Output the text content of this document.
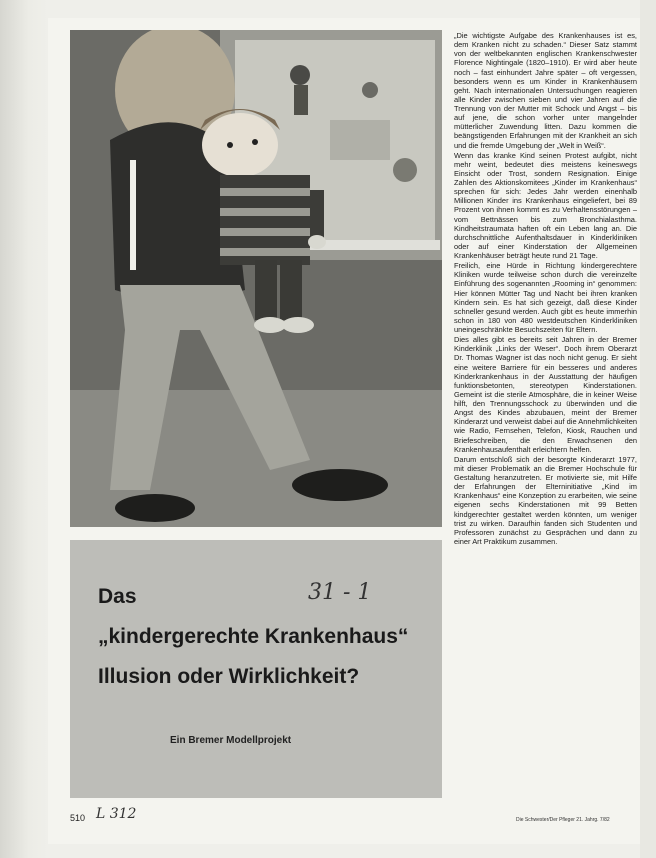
Das	31 - 1
„kindergerechte Krankenhaus“
Illusion oder Wirklichkeit?
Ein Bremer Modellprojekt

„Die wichtigste Aufgabe des Krankenhauses ist es, dem Kranken nicht zu schaden.“ Dieser Satz stammt von der weltbekannten englischen Krankenschwester Florence Nightingale (1820–1910). Er wird aber heute noch – fast einhundert Jahre später – oft vergessen, besonders wenn es um Kinder in Krankenhäusern geht. Nach internationalen Untersuchungen reagieren alle Kinder zwischen sieben und vier Jahren auf die Trennung von der Mutter mit Schock und Angst – bis auf jene, die schon vorher unter mangelnder mütterlicher Zuwendung litten. Dazu kommen die beängstigenden Erfahrungen mit der Krankheit an sich und die fremde Umgebung der „Welt in Weiß“.

Wenn das kranke Kind seinen Protest aufgibt, nicht mehr weint, bedeutet dies meistens keineswegs Einsicht oder Trost, sondern Resignation. Einige Zahlen des Aktionskomitees „Kinder im Krankenhaus“ sprechen für sich: Jedes Jahr werden einenhalb Millionen Kinder ins Krankenhaus eingeliefert, bei 89 Prozent von ihnen kommt es zu Verhaltensstörungen – vom Bettnässen bis zum Bronchialasthma. Kindheitstraumata haften oft ein Leben lang an. Die durchschnittliche Aufenthaltsdauer in Kinderkliniken oder auf einer Kinderstation der Allgemeinen Krankenhäuser beträgt heute rund 21 Tage.

Freilich, eine Hürde in Richtung kindergerechtere Kliniken wurde teilweise schon durch die vereinzelte Einführung des sogenannten „Rooming in“ genommen: Hier können Mütter Tag und Nacht bei ihren kranken Kindern sein. Es hat sich gezeigt, daß diese Kinder schneller gesund werden. Auch gibt es heute immerhin schon in 180 von 480 westdeutschen Kinderkliniken uneingeschränkte Besuchszeiten für Eltern.

Dies alles gibt es bereits seit Jahren in der Bremer Kinderklinik „Links der Weser“. Doch ihrem Oberarzt Dr. Thomas Wagner ist das noch nicht genug. Er sieht eine weitere Barriere für ein besseres und anderes Kinderkrankenhaus in der Ausstattung der häufigen funktionsbetonten, stereotypen Kinderstationen. Gemeint ist die sterile Atmosphäre, die in keiner Weise hilft, den Trennungsschock zu überwinden und die Angst des Kindes abzubauen, meint der Bremer Kinderarzt und verweist dabei auf die Annehmlichkeiten wie Radio, Fernsehen, Telefon, Kiosk, Rauchen und Briefeschreiben, die den Erwachsenen den Krankenhausaufenthalt erleichtern helfen.

Darum entschloß sich der besorgte Kinderarzt 1977, mit dieser Problematik an die Bremer Hochschule für Gestaltung heranzutreten. Er motivierte sie, mit Hilfe der Erfahrungen der Elterninitiative „Kind im Krankenhaus“ eine Konzeption zu erarbeiten, wie seine eigenen sechs Kinderstationen mit 99 Betten kindgerechter gestaltet werden könnten, um weniger trist zu wirken. Daraufhin fanden sich Studenten und Professoren zunächst zu Gesprächen und dann zu einer Art Praktikum zusammen.

510 L 312	Die Schwester/Der Pfleger 21. Jahrg. 7/82
